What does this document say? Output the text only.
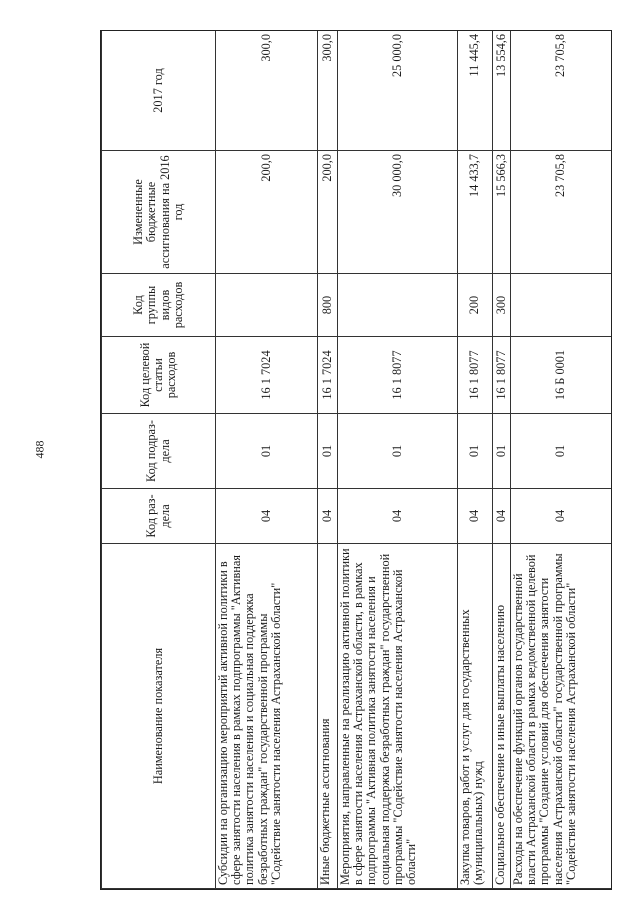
488
Наименование показателя	Код раз-дела	Код подраз-дела	Код целевой статьи расходов	Код группы видов расходов	Измененные бюджетные ассигнования на 2016 год	2017 год
Субсидии на организацию мероприятий активной политики в сфере занятости населения в рамках подпрограммы "Активная политика занятости населения и социальная поддержка безработных граждан" государственной программы "Содействие занятости населения Астраханской области"	04	01	16 1 7024		200,0	300,0
Иные бюджетные ассигнования	04	01	16 1 7024	800	200,0	300,0
Мероприятия, направленные на реализацию активной политики в сфере занятости населения Астраханской области, в рамках подпрограммы "Активная политика занятости населения и социальная поддержка безработных граждан" государственной программы "Содействие занятости населения Астраханской области"	04	01	16 1 8077		30 000,0	25 000,0
Закупка товаров, работ и услуг для государственных (муниципальных) нужд	04	01	16 1 8077	200	14 433,7	11 445,4
Социальное обеспечение и иные выплаты населению	04	01	16 1 8077	300	15 566,3	13 554,6
Расходы на обеспечение функций органов государственной власти Астраханской области в рамках ведомственной целевой программы "Создание условий для обеспечения занятости населения Астраханской области" государственной программы "Содействие занятости населения Астраханской области"	04	01	16 Б 0001		23 705,8	23 705,8
